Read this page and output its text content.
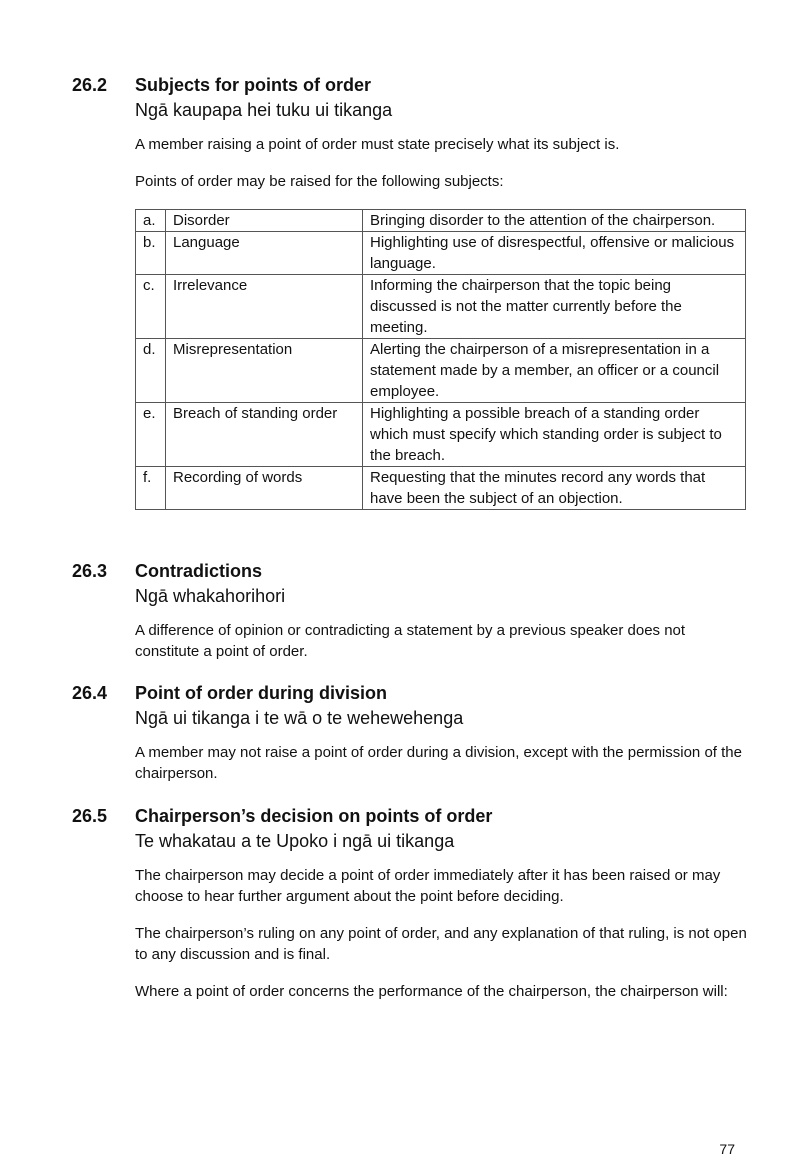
26.2 Subjects for points of order
Ngā kaupapa hei tuku ui tikanga
A member raising a point of order must state precisely what its subject is.
Points of order may be raised for the following subjects:
a.	Disorder	Bringing disorder to the attention of the chairperson.
b.	Language	Highlighting use of disrespectful, offensive or malicious language.
c.	Irrelevance	Informing the chairperson that the topic being discussed is not the matter currently before the meeting.
d.	Misrepresentation	Alerting the chairperson of a misrepresentation in a statement made by a member, an officer or a council employee.
e.	Breach of standing order	Highlighting a possible breach of a standing order which must specify which standing order is subject to the breach.
f.	Recording of words	Requesting that the minutes record any words that have been the subject of an objection.
26.3 Contradictions
Ngā whakahorihori
A difference of opinion or contradicting a statement by a previous speaker does not constitute a point of order.
26.4 Point of order during division
Ngā ui tikanga i te wā o te wehewehenga
A member may not raise a point of order during a division, except with the permission of the chairperson.
26.5 Chairperson’s decision on points of order
Te whakatau a te Upoko i ngā ui tikanga
The chairperson may decide a point of order immediately after it has been raised or may choose to hear further argument about the point before deciding.
The chairperson’s ruling on any point of order, and any explanation of that ruling, is not open to any discussion and is final.
Where a point of order concerns the performance of the chairperson, the chairperson will:
77
